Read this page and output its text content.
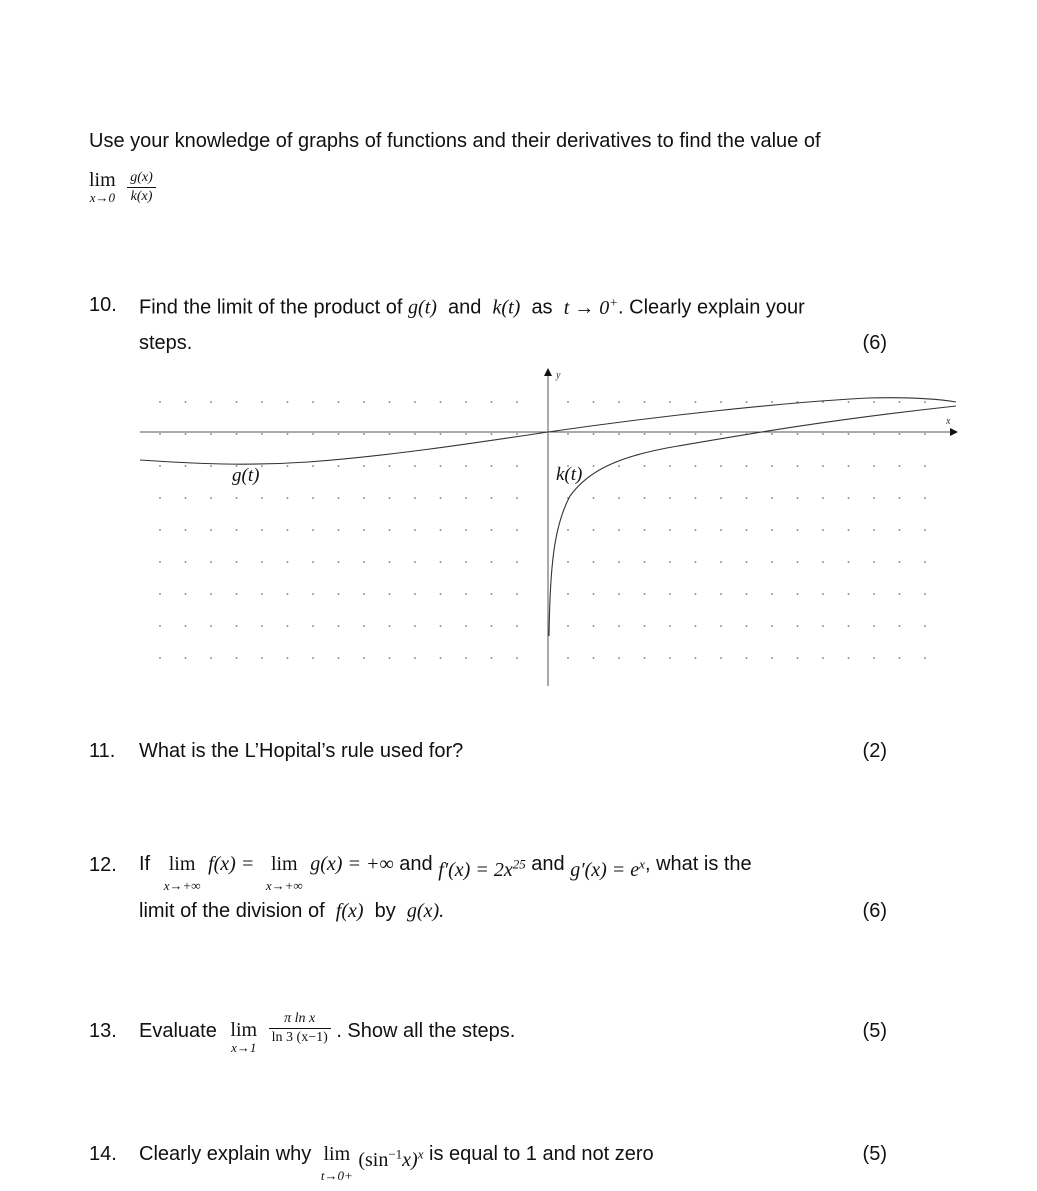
Use your knowledge of graphs of functions and their derivatives to find the value of
lim
x→0
$\frac{g(x)}{k(x)}$
10. Find the limit of the product of g(t) and k(t) as t → 0+. Clearly explain your
steps.	(6)
y
x
g(t)	k(t)
11. What is the L’Hopital’s rule used for?	(2)
12. If lim
x→+∞
f(x) = lim
x→+∞
g(x) = +∞ and $f'(x) = 2x^{25}$ and $g'(x) = e^x$, what is the
limit of the division of f(x) by g(x).	(6)
13. Evaluate lim
x→1

$\frac{\text{π ln x}}{\ln 3 (x-1)}$ . Show all the steps.	(5)
14. Clearly explain why lim
t→0+
$(\sin^{-1}x)^x$ is equal to 1 and not zero	(5)
